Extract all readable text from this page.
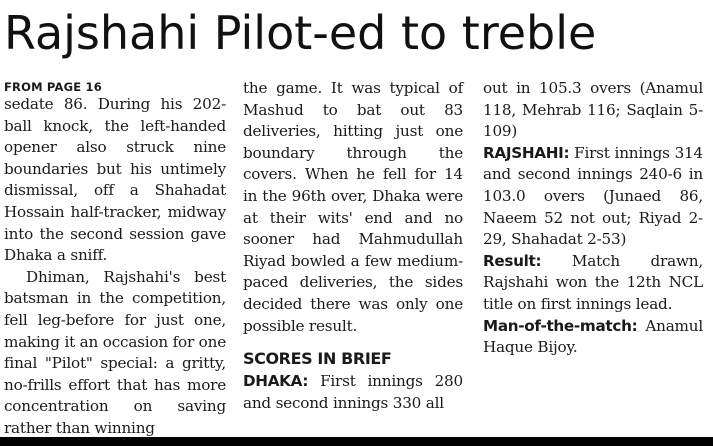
Rajshahi Pilot-ed to treble
FROM PAGE 16

sedate 86. During his 202-ball knock, the left-handed opener also struck nine boundaries but his untimely dismissal, off a Shahadat Hossain half-tracker, midway into the second session gave Dhaka a sniff.

Dhiman, Rajshahi's best batsman in the competition, fell leg-before for just one, making it an occasion for one final "Pilot" special: a gritty, no-frills effort that has more concentration on saving rather than winning

the game. It was typical of Mashud to bat out 83 deliveries, hitting just one boundary through the covers. When he fell for 14 in the 96th over, Dhaka were at their wits' end and no sooner had Mahmudullah Riyad bowled a few medium-paced deliveries, the sides decided there was only one possible result.

SCORES IN BRIEF

DHAKA: First innings 280 and second innings 330 all

out in 105.3 overs (Anamul 118, Mehrab 116; Saqlain 5-109)

RAJSHAHI: First innings 314 and second innings 240-6 in 103.0 overs (Junaed 86, Naeem 52 not out; Riyad 2-29, Shahadat 2-53)

Result: Match drawn, Rajshahi won the 12th NCL title on first innings lead.

Man-of-the-match: Anamul Haque Bijoy.
